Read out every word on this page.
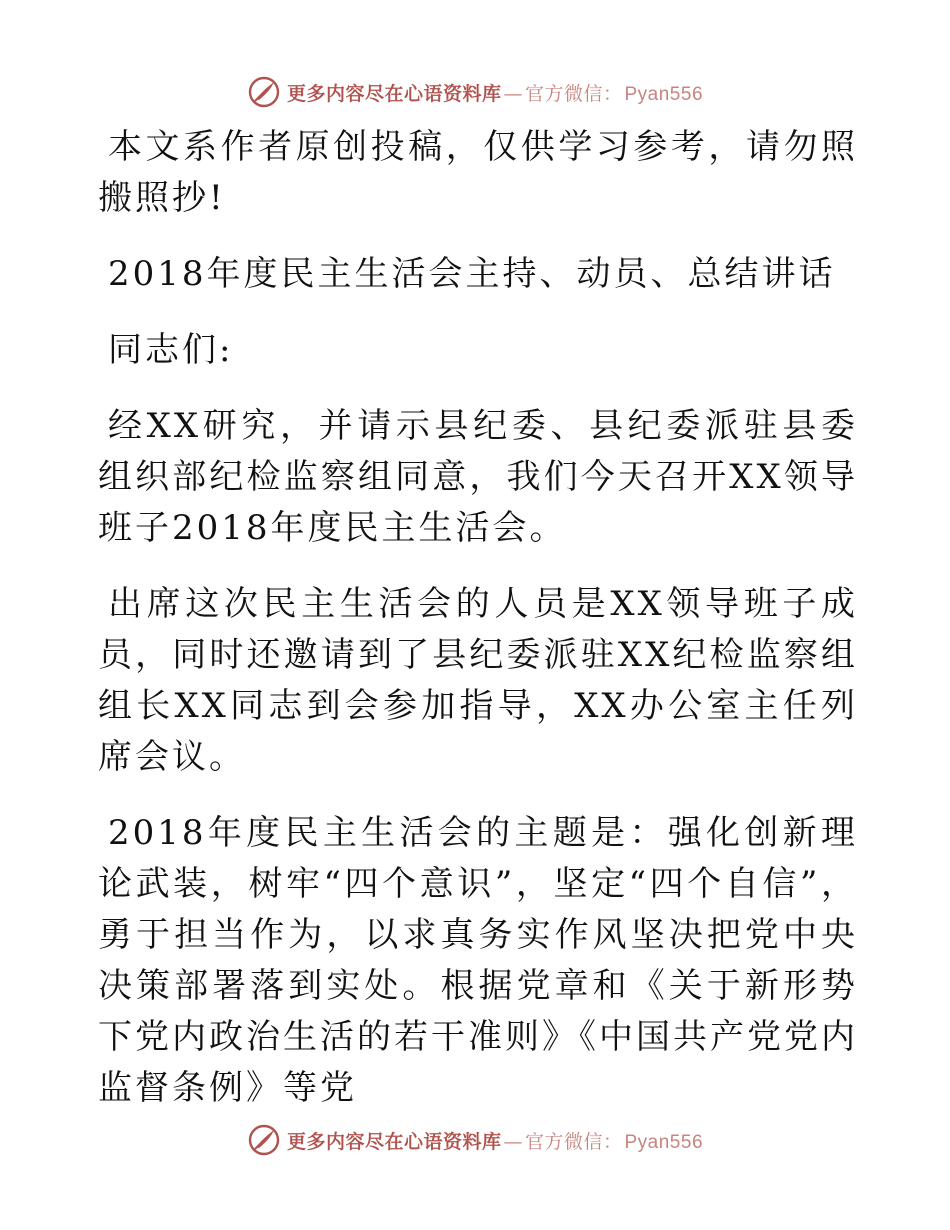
更多内容尽在心语资料库 — 官方微信： Pyan556

本文系作者原创投稿，仅供学习参考，请勿照搬照抄!

2018年度民主生活会主持、动员、总结讲话

同志们:

经XX研究，并请示县纪委、县纪委派驻县委组织部纪检监察组同意，我们今天召开XX领导班子2018年度民主生活会。

出席这次民主生活会的人员是XX领导班子成员，同时还邀请到了县纪委派驻XX纪检监察组组长XX同志到会参加指导，XX办公室主任列席会议。

2018年度民主生活会的主题是：强化创新理论武装，树牢“四个意识”，坚定“四个自信”，勇于担当作为，以求真务实作风坚决把党中央决策部署落到实处。根据党章和《关于新形势下党内政治生活的若干准则》《中国共产党党内监督条例》等党

更多内容尽在心语资料库 — 官方微信： Pyan556
